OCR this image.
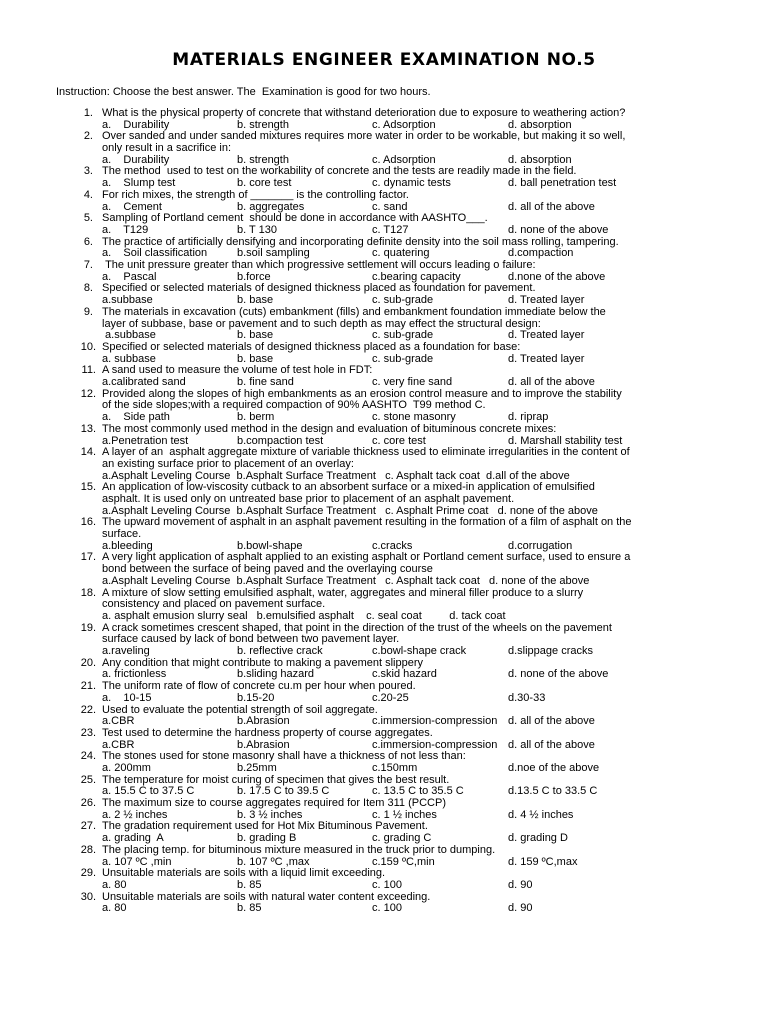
MATERIALS ENGINEER EXAMINATION NO.5
Instruction: Choose the best answer. The  Examination is good for two hours.
1. What is the physical property of concrete that withstand deterioration due to exposure to weathering action?
a.    Durability	b. strength	c. Adsorption	d. absorption
2. Over sanded and under sanded mixtures requires more water in order to be workable, but making it so well,
only result in a sacrifice in:
a.    Durability	b. strength	c. Adsorption	d. absorption
3. The method  used to test on the workability of concrete and the tests are readily made in the field.
a.    Slump test	b. core test	c. dynamic tests	d. ball penetration test
4. For rich mixes, the strength of _______ is the controlling factor.
a.    Cement	b. aggregates	c. sand	d. all of the above
5. Sampling of Portland cement  should be done in accordance with AASHTO___.
a.    T129	b. T 130	c. T127	d. none of the above
6. The practice of artificially densifying and incorporating definite density into the soil mass rolling, tampering.
a.    Soil classification	b.soil sampling	c. quatering	d.compaction
7. The unit pressure greater than which progressive settlement will occurs leading o failure:
a.    Pascal	b.force	c.bearing capacity	d.none of the above
8. Specified or selected materials of designed thickness placed as foundation for pavement.
a.subbase	b. base	c. sub-grade	d. Treated layer
9. The materials in excavation (cuts) embankment (fills) and embankment foundation immediate below the
layer of subbase, base or pavement and to such depth as may effect the structural design:
a.subbase	b. base	c. sub-grade	d. Treated layer
10. Specified or selected materials of designed thickness placed as a foundation for base:
a. subbase	b. base	c. sub-grade	d. Treated layer
11. A sand used to measure the volume of test hole in FDT:
a.calibrated sand	b. fine sand	c. very fine sand	d. all of the above
12. Provided along the slopes of high embankments as an erosion control measure and to improve the stability
of the side slopes;with a required compaction of 90% AASHTO  T99 method C.
a.    Side path	b. berm	c. stone masonry	d. riprap
13. The most commonly used method in the design and evaluation of bituminous concrete mixes:
a.Penetration test	b.compaction test	c. core test	d. Marshall stability test
14. A layer of an  asphalt aggregate mixture of variable thickness used to eliminate irregularities in the content of
an existing surface prior to placement of an overlay:
a.Asphalt Leveling Course  b.Asphalt Surface Treatment   c. Asphalt tack coat  d.all of the above
15. An application of low-viscosity cutback to an absorbent surface or a mixed-in application of emulsified
asphalt. It is used only on untreated base prior to placement of an asphalt pavement.
a.Asphalt Leveling Course  b.Asphalt Surface Treatment   c. Asphalt Prime coat   d. none of the above
16. The upward movement of asphalt in an asphalt pavement resulting in the formation of a film of asphalt on the
surface.
a.bleeding	b.bowl-shape	c.cracks	d.corrugation
17. A very light application of asphalt applied to an existing asphalt or Portland cement surface, used to ensure a
bond between the surface of being paved and the overlaying course
a.Asphalt Leveling Course  b.Asphalt Surface Treatment   c. Asphalt tack coat   d. none of the above
18. A mixture of slow setting emulsified asphalt, water, aggregates and mineral filler produce to a slurry
consistency and placed on pavement surface.
a. asphalt emusion slurry seal   b.emulsified asphalt    c. seal coat         d. tack coat
19. A crack sometimes crescent shaped, that point in the direction of the trust of the wheels on the pavement
surface caused by lack of bond between two pavement layer.
a.raveling	b. reflective crack	c.bowl-shape crack	d.slippage cracks
20. Any condition that might contribute to making a pavement slippery
a. frictionless	b.sliding hazard	c.skid hazard	d. none of the above
21. The uniform rate of flow of concrete cu.m per hour when poured.
a.    10-15	b.15-20	c.20-25	d.30-33
22. Used to evaluate the potential strength of soil aggregate.
a.CBR	b.Abrasion	c.immersion-compression d. all of the above
23. Test used to determine the hardness property of course aggregates.
a.CBR	b.Abrasion	c.immersion-compression d. all of the above
24. The stones used for stone masonry shall have a thickness of not less than:
a. 200mm	b.25mm	c.150mm	d.noe of the above
25. The temperature for moist curing of specimen that gives the best result.
a. 15.5 C to 37.5 C	b. 17.5 C to 39.5 C	c. 13.5 C to 35.5 C	d.13.5 C to 33.5 C
26. The maximum size to course aggregates required for Item 311 (PCCP)
a. 2 ½ inches	b. 3 ½ inches	c. 1 ½ inches	d. 4 ½ inches
27. The gradation requirement used for Hot Mix Bituminous Pavement.
a. grading  A	b. grading B	c. grading C	d. grading D
28. The placing temp. for bituminous mixture measured in the truck prior to dumping.
a. 107 ºC ,min	b. 107 ºC ,max	c.159 ºC,min	d. 159 ºC,max
29. Unsuitable materials are soils with a liquid limit exceeding.
a. 80	b. 85	c. 100	d. 90
30. Unsuitable materials are soils with natural water content exceeding.
a. 80	b. 85	c. 100	d. 90
